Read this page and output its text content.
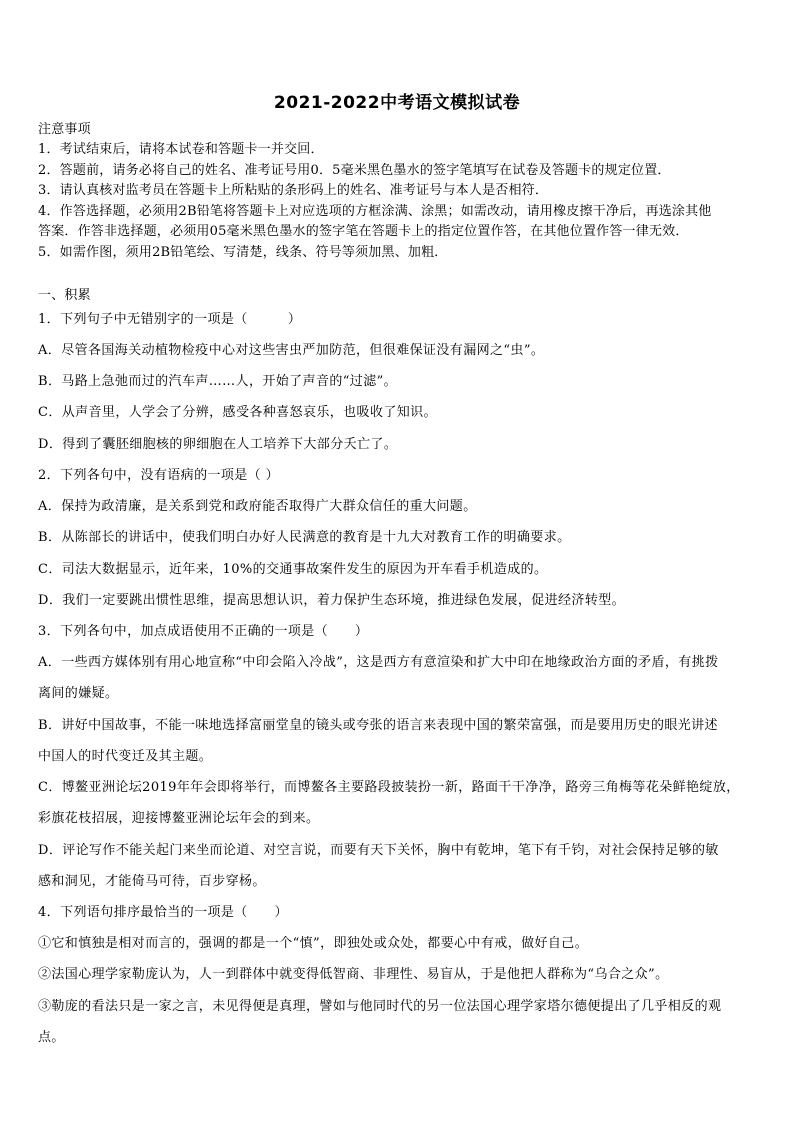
2021-2022中考语文模拟试卷
注意事项
1．考试结束后，请将本试卷和答题卡一并交回．
2．答题前，请务必将自己的姓名、准考证号用0．5毫米黑色墨水的签字笔填写在试卷及答题卡的规定位置．
3．请认真核对监考员在答题卡上所粘贴的条形码上的姓名、准考证号与本人是否相符．
4．作答选择题，必须用2B铅笔将答题卡上对应选项的方框涂满、涂黑；如需改动，请用橡皮擦干净后，再选涂其他
答案．作答非选择题，必须用05毫米黑色墨水的签字笔在答题卡上的指定位置作答，在其他位置作答一律无效．
5．如需作图，须用2B铅笔绘、写清楚，线条、符号等须加黑、加粗．
一、积累
1．下列句子中无错别字的一项是（　　　）
A．尽管各国海关动植物检疫中心对这些害虫严加防范，但很难保证没有漏网之“虫”。
B．马路上急弛而过的汽车声……人，开始了声音的“过滤”。
C．从声音里，人学会了分辨，感受各种喜怒哀乐，也吸收了知识。
D．得到了囊胚细胞核的卵细胞在人工培养下大部分夭亡了。
2．下列各句中，没有语病的一项是（ ）
A．保持为政清廉，是关系到党和政府能否取得广大群众信任的重大问题。
B．从陈部长的讲话中，使我们明白办好人民满意的教育是十九大对教育工作的明确要求。
C．司法大数据显示，近年来，10%的交通事故案件发生的原因为开车看手机造成的。
D．我们一定要跳出惯性思维，提高思想认识，着力保护生态环境，推进绿色发展，促进经济转型。
3．下列各句中，加点成语使用不正确的一项是（　　）
A．一些西方媒体别有用心地宣称“中印会陷入冷战”，这是西方有意渲染和扩大中印在地缘政治方面的矛盾，有挑拨
离间的嫌疑。
B．讲好中国故事，不能一味地选择富丽堂皇的镜头或夸张的语言来表现中国的繁荣富强，而是要用历史的眼光讲述
中国人的时代变迁及其主题。
C．博鳌亚洲论坛2019年年会即将举行，而博鳌各主要路段披装扮一新，路面干干净净，路旁三角梅等花朵鲜艳绽放，
彩旗花枝招展，迎接博鳌亚洲论坛年会的到来。
D．评论写作不能关起门来坐而论道、对空言说，而要有天下关怀，胸中有乾坤，笔下有千钧，对社会保持足够的敏
感和洞见，才能倚马可待，百步穿杨。
4．下列语句排序最恰当的一项是（　　）
①它和慎独是相对而言的，强调的都是一个“慎”，即独处或众处，都要心中有戒，做好自己。
②法国心理学家勒庞认为，人一到群体中就变得低智商、非理性、易盲从，于是他把人群称为“乌合之众”。
③勒庞的看法只是一家之言，未见得便是真理，譬如与他同时代的另一位法国心理学家塔尔德便提出了几乎相反的观
点。
